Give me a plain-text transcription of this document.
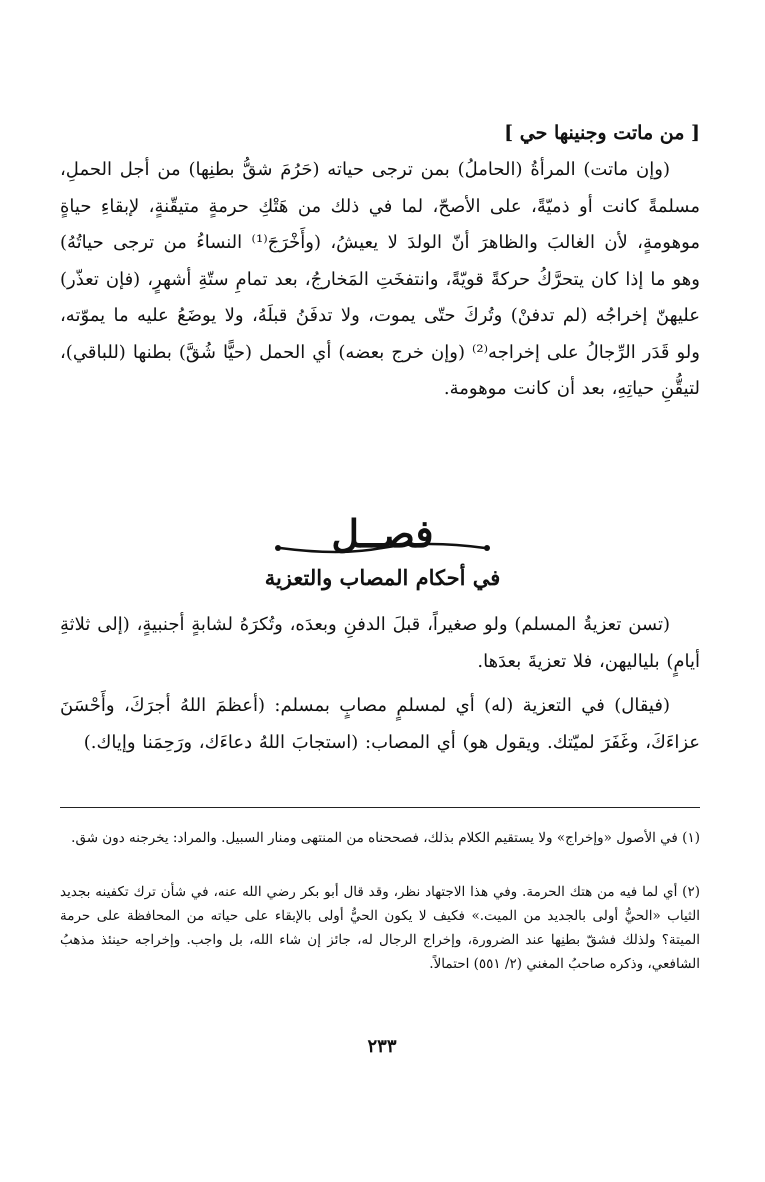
[ من ماتت وجنينها حي ]
(وإن ماتت) المرأةُ (الحاملُ) بمن ترجى حياته (حَرُمَ شقُّ بطنِها) من أجل الحملِ، مسلمةً كانت أو ذميّةً، على الأصحّ، لما في ذلك من هَتْكِ حرمةٍ متيقّنةٍ، لإبقاءِ حياةٍ موهومةٍ، لأن الغالبَ والظاهرَ أنّ الولدَ لا يعيشُ، (وأَخْرَجَ⁽¹⁾ النساءُ من ترجى حياتُهُ) وهو ما إذا كان يتحرَّكُ حركةً قويّةً، وانتفخَتِ المَخارجُ، بعد تمامِ ستّةِ أشهرٍ، (فإن تعذّر) عليهنّ إخراجُه (لم تدفنْ) وتُركَ حتّى يموت، ولا تدفَنُ قبلَهُ، ولا يوضَعُ عليه ما يموّته، ولو قَدَر الرِّجالُ على إخراجه⁽²⁾ (وإن خرج بعضه) أي الحمل (حيًّا شُقَّ) بطنها (للباقي)، لتيقُّنِ حياتِهِ، بعد أن كانت موهومة.
فصــل
في أحكام المصاب والتعزية
(تسن تعزيةُ المسلم) ولو صغيراً، قبلَ الدفنِ وبعدَه، وتُكرَهُ لشابةٍ أجنبيةٍ، (إلى ثلاثةِ أيامٍ) بلياليهن، فلا تعزيةَ بعدَها.
(فيقال) في التعزية (له) أي لمسلمٍ مصابٍ بمسلم: (أعظمَ اللهُ أجرَكَ، وأَحْسَنَ عزاءَكَ، وغَفَرَ لميّتك. ويقول هو) أي المصاب: (استجابَ اللهُ دعاءَك، ورَحِمَنا وإياك.)
(١) في الأصول «وإخراج» ولا يستقيم الكلام بذلك، فصححناه من المنتهى ومنار السبيل. والمراد: يخرجنه دون شق.
(٢) أي لما فيه من هتك الحرمة. وفي هذا الاجتهاد نظر، وقد قال أبو بكر رضي الله عنه، في شأن ترك تكفينه بجديد الثياب «الحيُّ أولى بالجديد من الميت.» فكيف لا يكون الحيُّ أولى بالإبقاء على حياته من المحافظة على حرمة الميتة؟ ولذلك فشقّ بطنِها عند الضرورة، وإخراج الرجال له، جائز إن شاء الله، بل واجب. وإخراجه حينئذ مذهبُ الشافعي، وذكره صاحبُ المغني (٢/ ٥٥١) احتمالاً.
٢٣٣
